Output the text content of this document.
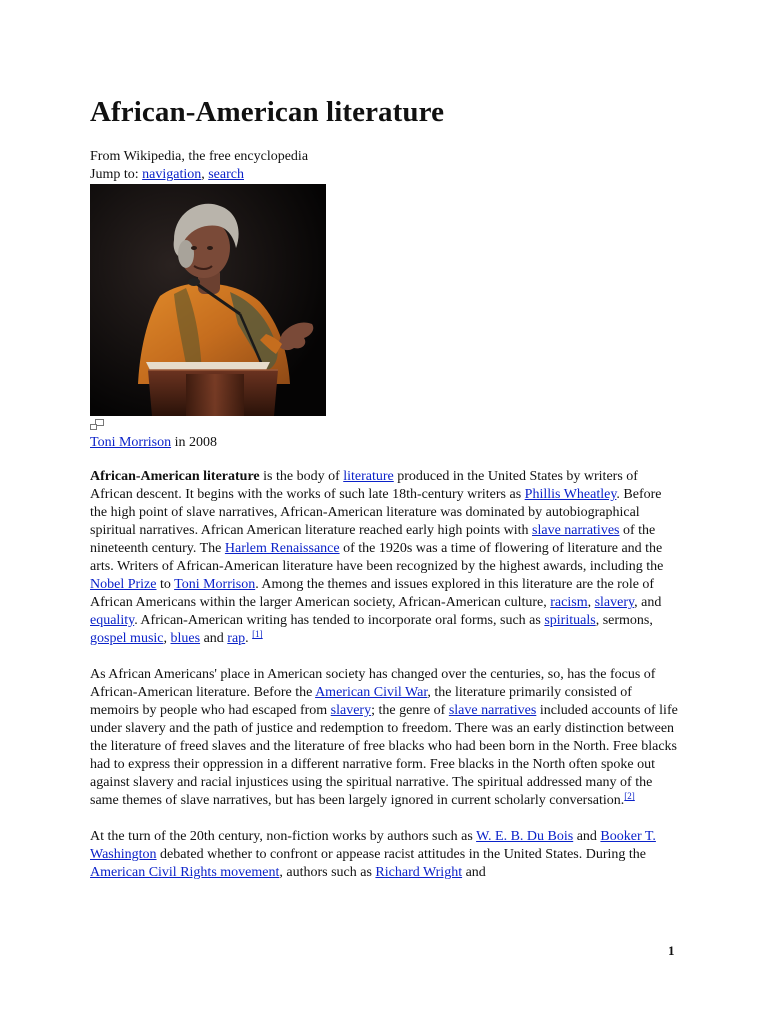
African-American literature
From Wikipedia, the free encyclopedia
Jump to: navigation, search
Toni Morrison in 2008

African-American literature is the body of literature produced in the United States by writers of African descent. It begins with the works of such late 18th-century writers as Phillis Wheatley. Before the high point of slave narratives, African-American literature was dominated by autobiographical spiritual narratives. African American literature reached early high points with slave narratives of the nineteenth century. The Harlem Renaissance of the 1920s was a time of flowering of literature and the arts. Writers of African-American literature have been recognized by the highest awards, including the Nobel Prize to Toni Morrison. Among the themes and issues explored in this literature are the role of African Americans within the larger American society, African-American culture, racism, slavery, and equality. African-American writing has tended to incorporate oral forms, such as spirituals, sermons, gospel music, blues and rap. [1]

As African Americans' place in American society has changed over the centuries, so, has the focus of African-American literature. Before the American Civil War, the literature primarily consisted of memoirs by people who had escaped from slavery; the genre of slave narratives included accounts of life under slavery and the path of justice and redemption to freedom. There was an early distinction between the literature of freed slaves and the literature of free blacks who had been born in the North. Free blacks had to express their oppression in a different narrative form. Free blacks in the North often spoke out against slavery and racial injustices using the spiritual narrative. The spiritual addressed many of the same themes of slave narratives, but has been largely ignored in current scholarly conversation.[2]

At the turn of the 20th century, non-fiction works by authors such as W. E. B. Du Bois and Booker T. Washington debated whether to confront or appease racist attitudes in the United States. During the American Civil Rights movement, authors such as Richard Wright and

1
